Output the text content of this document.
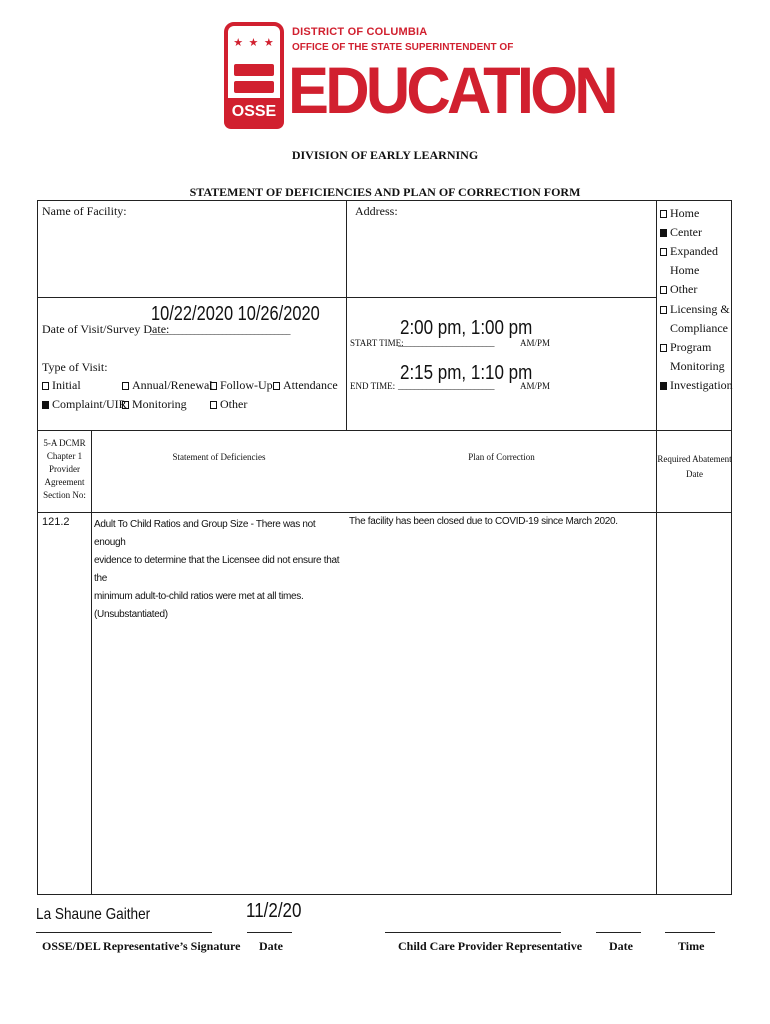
★ ★ ★
OSSE
DISTRICT OF COLUMBIA
OFFICE OF THE STATE SUPERINTENDENT OF
EDUCATION
DIVISION OF EARLY LEARNING
STATEMENT OF DEFICIENCIES AND PLAN OF CORRECTION FORM
Name of Facility:	Address:	Home
Center
Expanded
Home
Other
Licensing &
Compliance
Program
Monitoring
Investigation
Date of Visit/Survey Date:
___________________________________
10/22/2020 10/26/2020
START TIME:
________________________	AM/PM
2:00 pm, 1:00 pm
END TIME: ________________________	AM/PM
2:15 pm, 1:10 pm
Type of Visit:
Initial	Annual/Renewal Follow-Up Attendance
Complaint/UIR Monitoring	Other
5-A DCMR
Chapter 1
Provider
Agreement
Section No:
Statement of Deficiencies	Plan of Correction	Required Abatement
Date
121.2 Adult To Child Ratios and Group Size - There was not enough
evidence to determine that the Licensee did not ensure that the
minimum adult-to-child ratios were met at all times.
(Unsubstantiated)
The facility has been closed due to COVID-19 since March 2020.
La Shaune Gaither	11/2/20
OSSE/DEL Representative’s Signature Date	Child Care Provider Representative Date	Time
